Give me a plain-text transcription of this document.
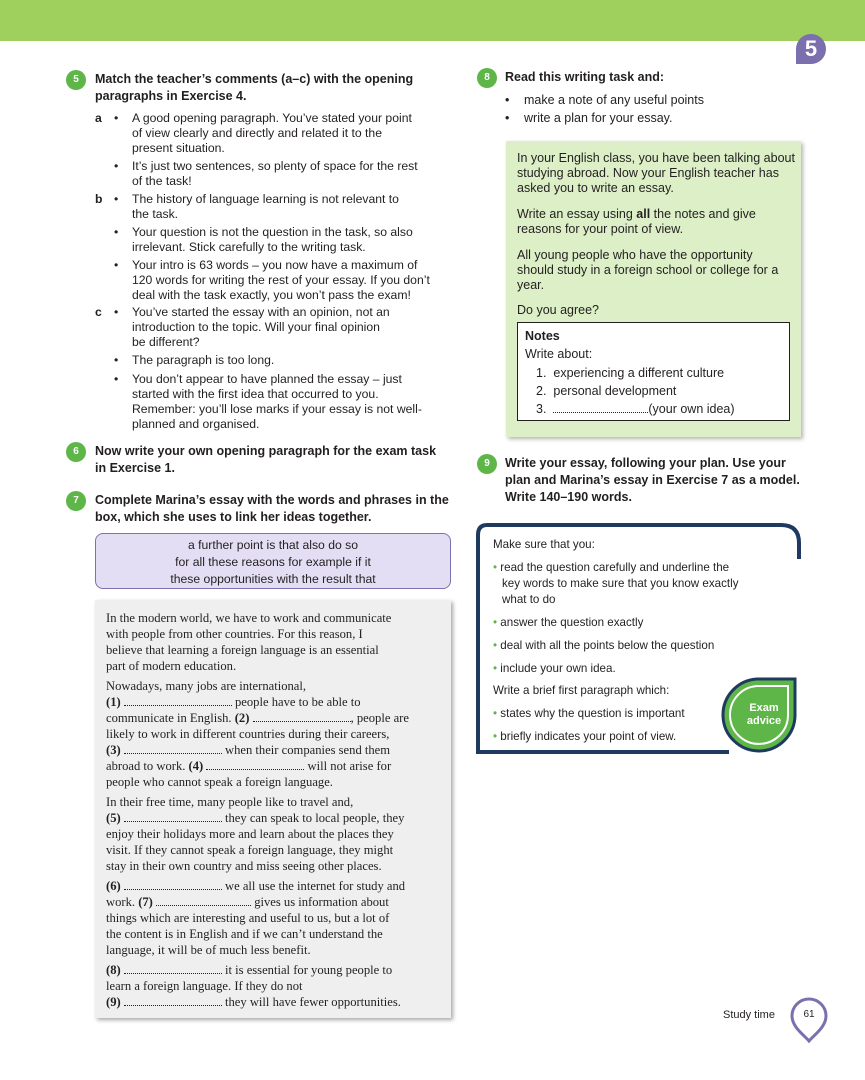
5
5	Match the teacher’s comments (a–c) with the opening
paragraphs in Exercise 4.
a • A good opening paragraph. You’ve stated your point
of view clearly and directly and related it to the
present situation.
• It’s just two sentences, so plenty of space for the rest
of the task!
b • The history of language learning is not relevant to
the task.
• Your question is not the question in the task, so also
irrelevant. Stick carefully to the writing task.
• Your intro is 63 words – you now have a maximum of
120 words for writing the rest of your essay. If you don’t
deal with the task exactly, you won’t pass the exam!
c • You’ve started the essay with an opinion, not an
introduction to the topic. Will your final opinion
be different?
• The paragraph is too long.
• You don’t appear to have planned the essay – just
started with the first idea that occurred to you.
Remember: you’ll lose marks if your essay is not well-
planned and organised.
6	Now write your own opening paragraph for the exam task
in Exercise 1.
7	Complete Marina’s essay with the words and phrases in the
box, which she uses to link her ideas together.
a further point is that also do so
for all these reasons for example if it
these opportunities with the result that
In the modern world, we have to work and communicate
with people from other countries. For this reason, I
believe that learning a foreign language is an essential
part of modern education.
Nowadays, many jobs are international,
(1)	people have to be able to
communicate in English. (2)	, people are
likely to work in different countries during their careers,
(3)	when their companies send them
abroad to work. (4)	will not arise for
people who cannot speak a foreign language.
In their free time, many people like to travel and,
(5)	they can speak to local people, they
enjoy their holidays more and learn about the places they
visit. If they cannot speak a foreign language, they might
stay in their own country and miss seeing other places.
(6)	we all use the internet for study and
work. (7)	gives us information about
things which are interesting and useful to us, but a lot of
the content is in English and if we can’t understand the
language, it will be of much less benefit.
(8)	it is essential for young people to
learn a foreign language. If they do not
(9)	they will have fewer opportunities.
8	Read this writing task and:
• make a note of any useful points
• write a plan for your essay.
In your English class, you have been talking about
studying abroad. Now your English teacher has
asked you to write an essay.
Write an essay using all the notes and give
reasons for your point of view.
All young people who have the opportunity
should study in a foreign school or college for a
year.
Do you agree?
Notes
Write about:
1. experiencing a different culture
2. personal development
3.	(your own idea)
9	Write your essay, following your plan. Use your
plan and Marina’s essay in Exercise 7 as a model.
Write 140–190 words.
Exam
advice
Make sure that you:
• read the question carefully and underline the
key words to make sure that you know exactly
what to do
• answer the question exactly
• deal with all the points below the question
• include your own idea.
Write a brief first paragraph which:
• states why the question is important
• briefly indicates your point of view.
Study time	61
